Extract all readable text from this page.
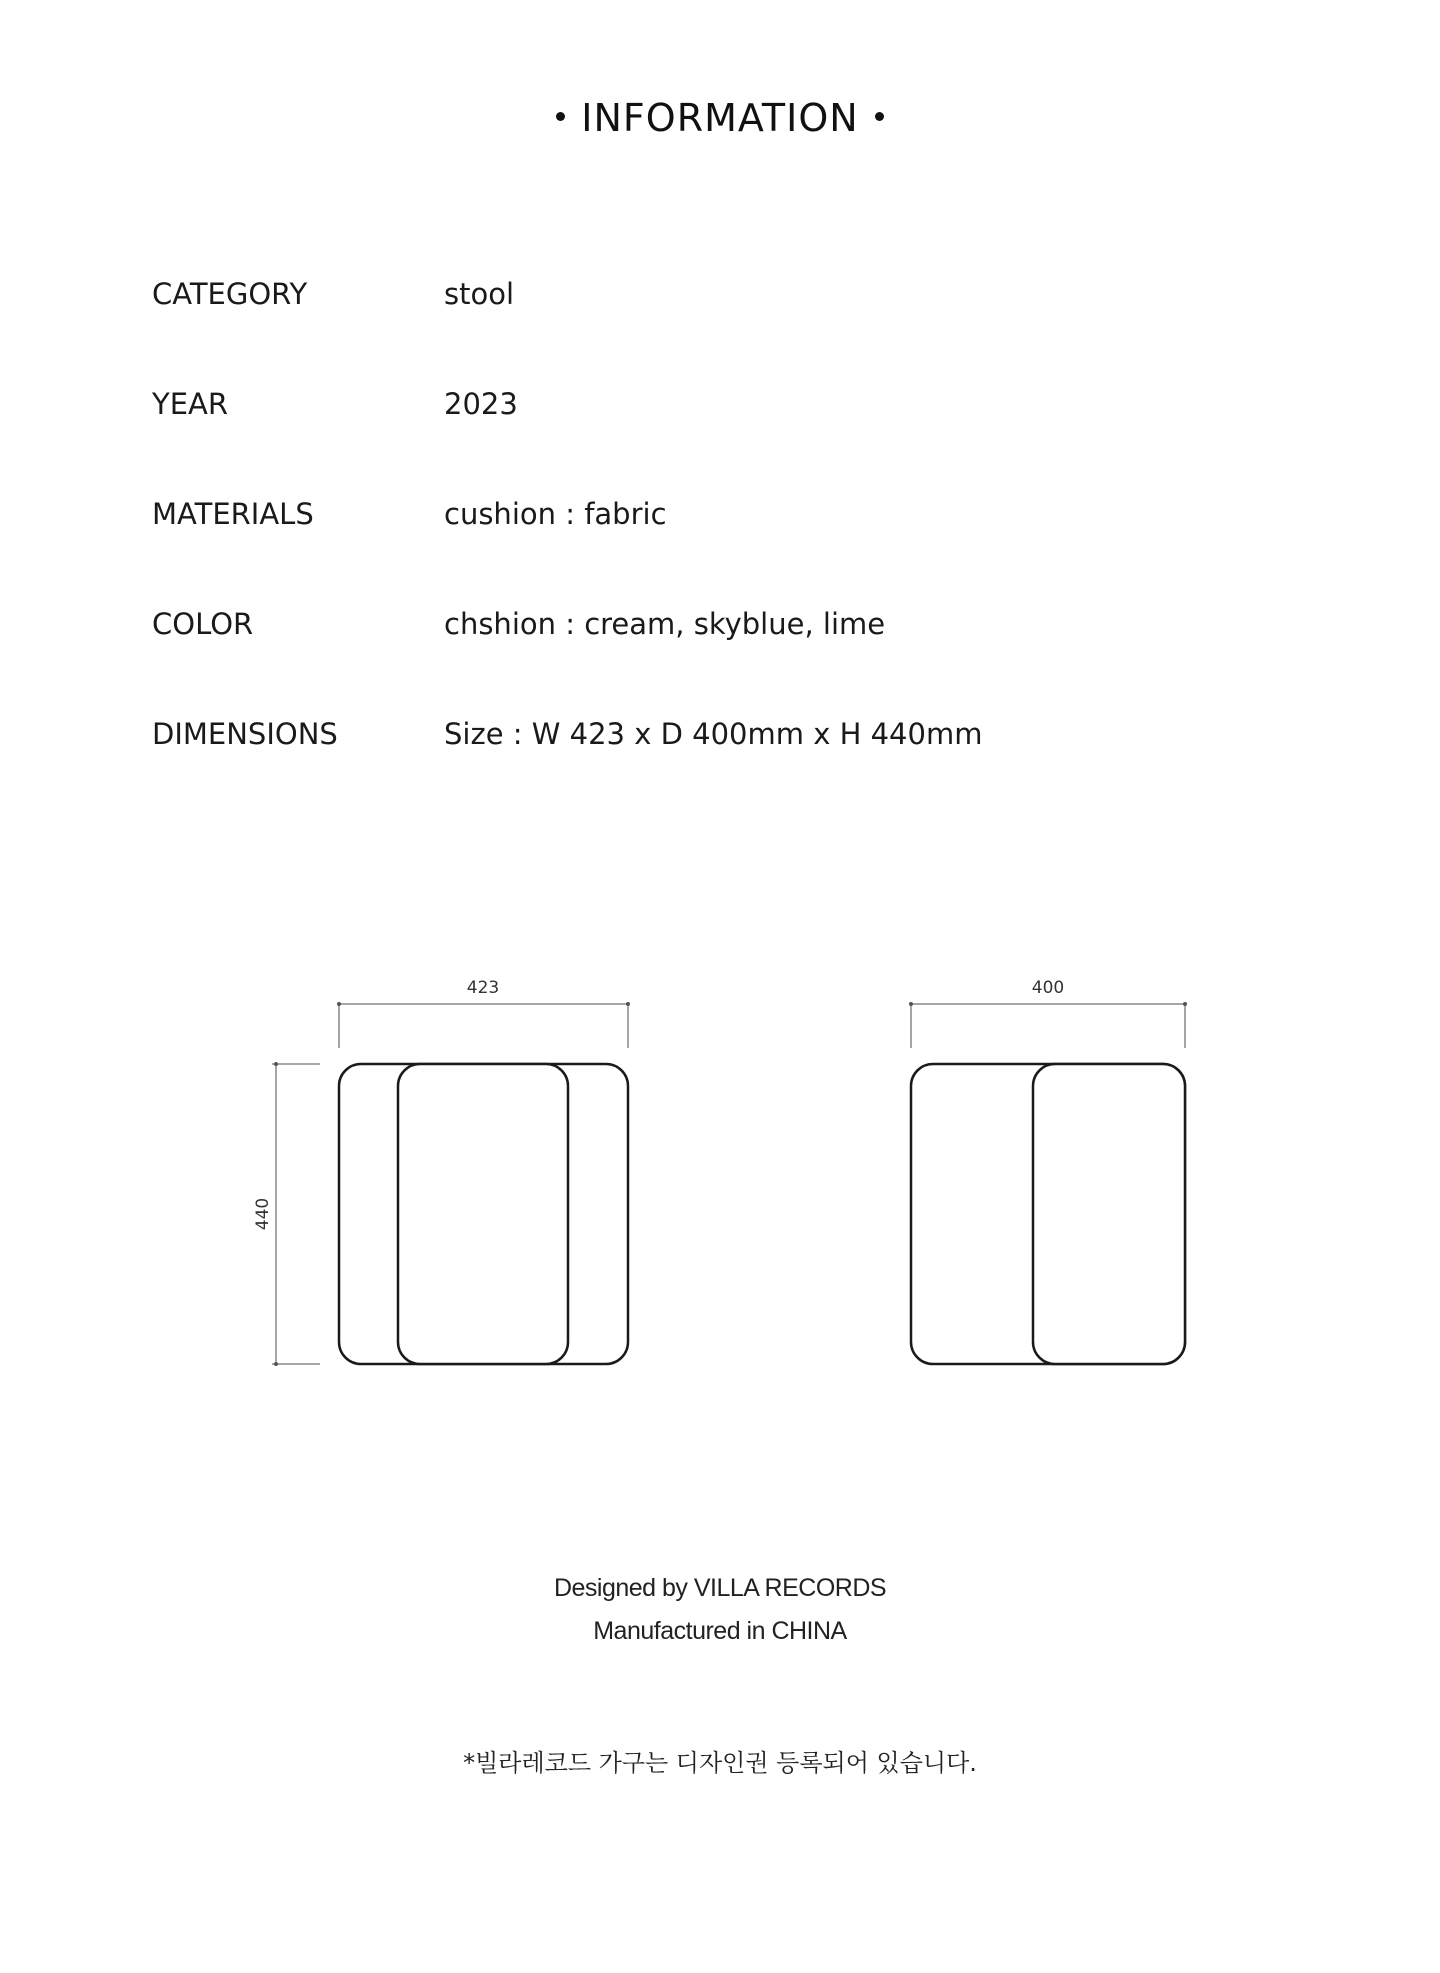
INFORMATION
CATEGORY	stool
YEAR	2023
MATERIALS	cushion : fabric
COLOR	chshion : cream, skyblue, lime
DIMENSIONS	Size : W 423 x D 400mm x H 440mm
423
440
400
Designed by VILLA RECORDS
Manufactured in CHINA
*빌라레코드 가구는 디자인권 등록되어 있습니다.
